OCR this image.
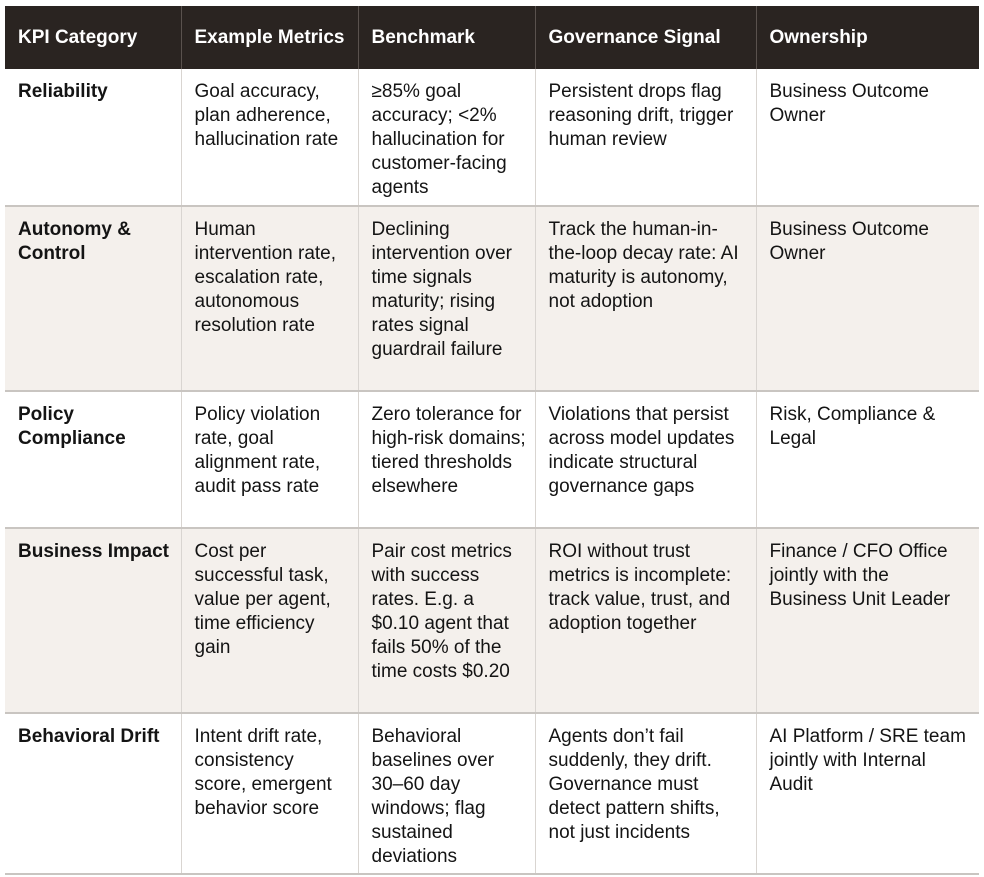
KPI Category	Example Metrics	Benchmark	Governance Signal	Ownership
Reliability	Goal accuracy, plan adherence, hallucination rate	≥85% goal accuracy; <2% hallucination for customer-facing agents	Persistent drops flag reasoning drift, trigger human review	Business Outcome Owner
Autonomy & Control	Human intervention rate, escalation rate, autonomous resolution rate	Declining intervention over time signals maturity; rising rates signal guardrail failure	Track the human-in-the-loop decay rate: AI maturity is autonomy, not adoption	Business Outcome Owner
Policy Compliance	Policy violation rate, goal alignment rate, audit pass rate	Zero tolerance for high-risk domains; tiered thresholds elsewhere	Violations that persist across model updates indicate structural governance gaps	Risk, Compliance & Legal
Business Impact	Cost per successful task, value per agent, time efficiency gain	Pair cost metrics with success rates. E.g. a $0.10 agent that fails 50% of the time costs $0.20	ROI without trust metrics is incomplete: track value, trust, and adoption together	Finance / CFO Office jointly with the Business Unit Leader
Behavioral Drift	Intent drift rate, consistency score, emergent behavior score	Behavioral baselines over 30–60 day windows; flag sustained deviations	Agents don’t fail suddenly, they drift. Governance must detect pattern shifts, not just incidents	AI Platform / SRE team jointly with Internal Audit
